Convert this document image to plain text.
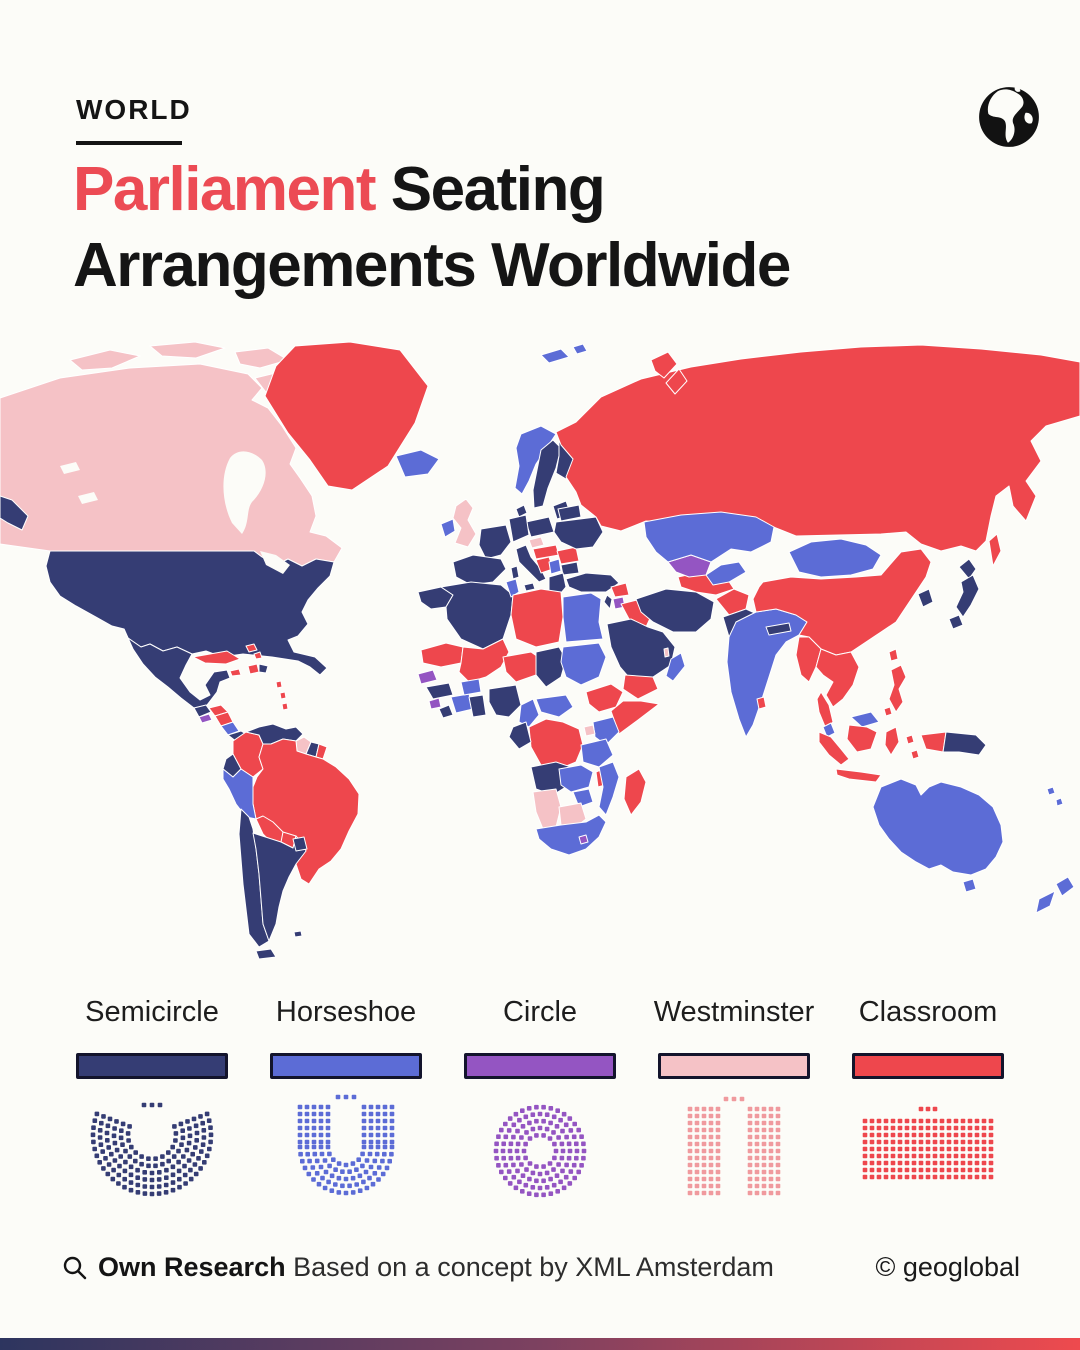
WORLD
Parliament Seating
Arrangements Worldwide
Semicircle Horseshoe	Circle	Westminster Classroom
Own Research Based on a concept by XML Amsterdam	© geoglobal
